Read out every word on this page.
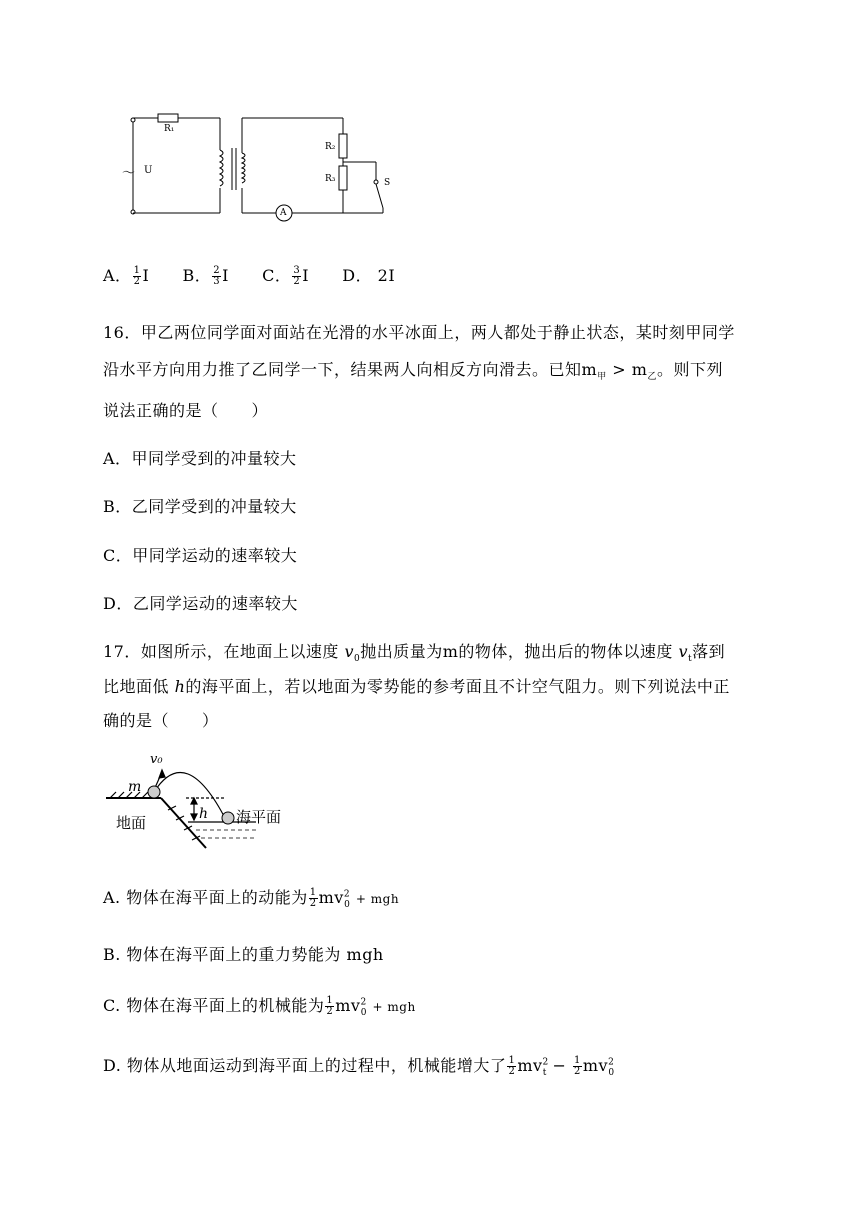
R₁
～ U
R₂
R₃	S
A
A． $\frac{1}{2}$ I B． $\frac{2}{3}$ I C． $\frac{3}{2}$ I D． 2I
16．甲乙两位同学面对面站在光滑的水平冰面上，两人都处于静止状态，某时刻甲同学
沿水平方向用力推了乙同学一下，结果两人向相反方向滑去。已知$m_甲 > m_乙$。则下列
说法正确的是（　　）
A．甲同学受到的冲量较大
B．乙同学受到的冲量较大
C．甲同学运动的速率较大
D．乙同学运动的速率较大
17．如图所示，在地面上以速度 $v_0$抛出质量为m的物体，抛出后的物体以速度 $v_t$落到
比地面低 h的海平面上，若以地面为零势能的参考面且不计空气阻力。则下列说法中正
确的是（　　）
m
v₀
h
地面	海平面
A. 物体在海平面上的动能为 $\frac{1}{2} mv^2_0$ + mgh
B. 物体在海平面上的重力势能为 mgh
C. 物体在海平面上的机械能为 $\frac{1}{2} mv^2_0$ + mgh
D. 物体从地面运动到海平面上的过程中，机械能增大了 $\frac{1}{2} mv^2_t - \frac{1}{2} mv^2_0$
